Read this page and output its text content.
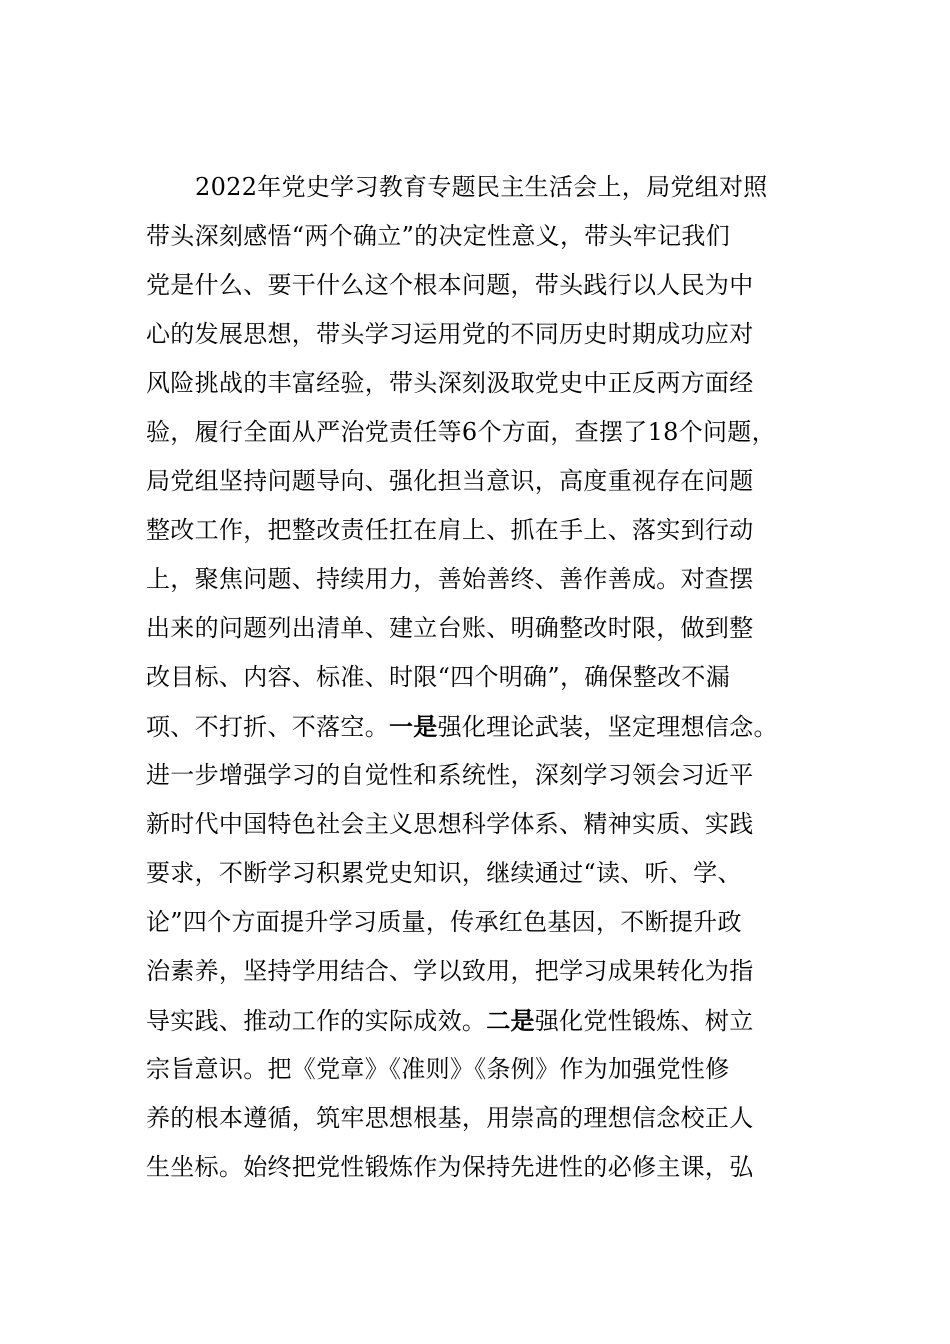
2022年党史学习教育专题民主生活会上，局党组对照
带头深刻感悟“两个确立”的决定性意义，带头牢记我们
党是什么、要干什么这个根本问题，带头践行以人民为中
心的发展思想，带头学习运用党的不同历史时期成功应对
风险挑战的丰富经验，带头深刻汲取党史中正反两方面经
验，履行全面从严治党责任等6个方面，查摆了18个问题，
局党组坚持问题导向、强化担当意识，高度重视存在问题
整改工作，把整改责任扛在肩上、抓在手上、落实到行动
上，聚焦问题、持续用力，善始善终、善作善成。对查摆
出来的问题列出清单、建立台账、明确整改时限，做到整
改目标、内容、标准、时限“四个明确”，确保整改不漏
项、不打折、不落空。一是强化理论武装，坚定理想信念。
进一步增强学习的自觉性和系统性，深刻学习领会习近平
新时代中国特色社会主义思想科学体系、精神实质、实践
要求，不断学习积累党史知识，继续通过“读、听、学、
论”四个方面提升学习质量，传承红色基因，不断提升政
治素养，坚持学用结合、学以致用，把学习成果转化为指
导实践、推动工作的实际成效。二是强化党性锻炼、树立
宗旨意识。把《党章》《准则》《条例》作为加强党性修
养的根本遵循，筑牢思想根基，用崇高的理想信念校正人
生坐标。始终把党性锻炼作为保持先进性的必修主课，弘
